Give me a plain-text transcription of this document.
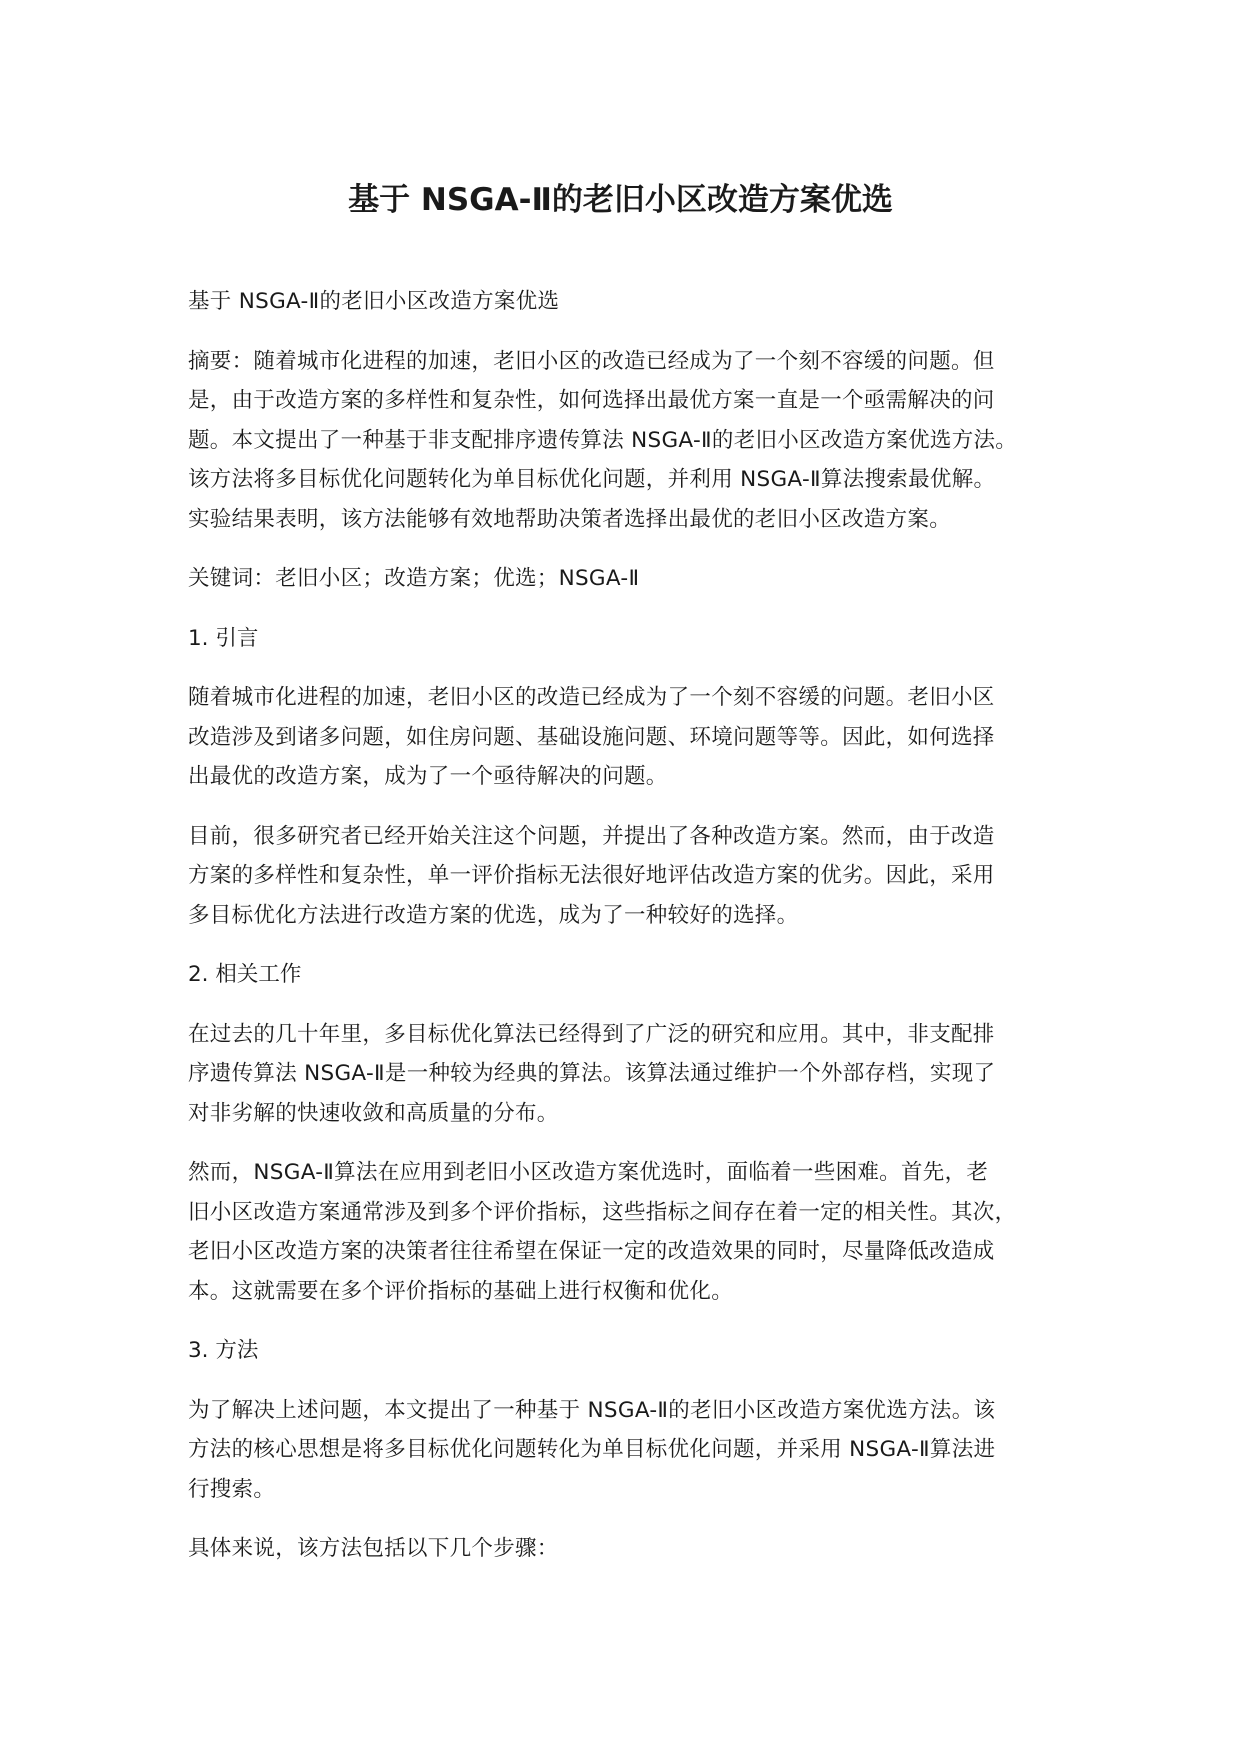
基于 NSGA-Ⅱ的老旧小区改造方案优选

基于 NSGA-Ⅱ的老旧小区改造方案优选

摘要：随着城市化进程的加速，老旧小区的改造已经成为了一个刻不容缓的问题。但
是，由于改造方案的多样性和复杂性，如何选择出最优方案一直是一个亟需解决的问
题。本文提出了一种基于非支配排序遗传算法 NSGA-Ⅱ的老旧小区改造方案优选方法。
该方法将多目标优化问题转化为单目标优化问题，并利用 NSGA-Ⅱ算法搜索最优解。
实验结果表明，该方法能够有效地帮助决策者选择出最优的老旧小区改造方案。

关键词：老旧小区；改造方案；优选；NSGA-Ⅱ

1. 引言

随着城市化进程的加速，老旧小区的改造已经成为了一个刻不容缓的问题。老旧小区
改造涉及到诸多问题，如住房问题、基础设施问题、环境问题等等。因此，如何选择
出最优的改造方案，成为了一个亟待解决的问题。

目前，很多研究者已经开始关注这个问题，并提出了各种改造方案。然而，由于改造
方案的多样性和复杂性，单一评价指标无法很好地评估改造方案的优劣。因此，采用
多目标优化方法进行改造方案的优选，成为了一种较好的选择。

2. 相关工作

在过去的几十年里，多目标优化算法已经得到了广泛的研究和应用。其中，非支配排
序遗传算法 NSGA-Ⅱ是一种较为经典的算法。该算法通过维护一个外部存档，实现了
对非劣解的快速收敛和高质量的分布。

然而，NSGA-Ⅱ算法在应用到老旧小区改造方案优选时，面临着一些困难。首先，老
旧小区改造方案通常涉及到多个评价指标，这些指标之间存在着一定的相关性。其次，
老旧小区改造方案的决策者往往希望在保证一定的改造效果的同时，尽量降低改造成
本。这就需要在多个评价指标的基础上进行权衡和优化。

3. 方法

为了解决上述问题，本文提出了一种基于 NSGA-Ⅱ的老旧小区改造方案优选方法。该
方法的核心思想是将多目标优化问题转化为单目标优化问题，并采用 NSGA-Ⅱ算法进
行搜索。

具体来说，该方法包括以下几个步骤：
